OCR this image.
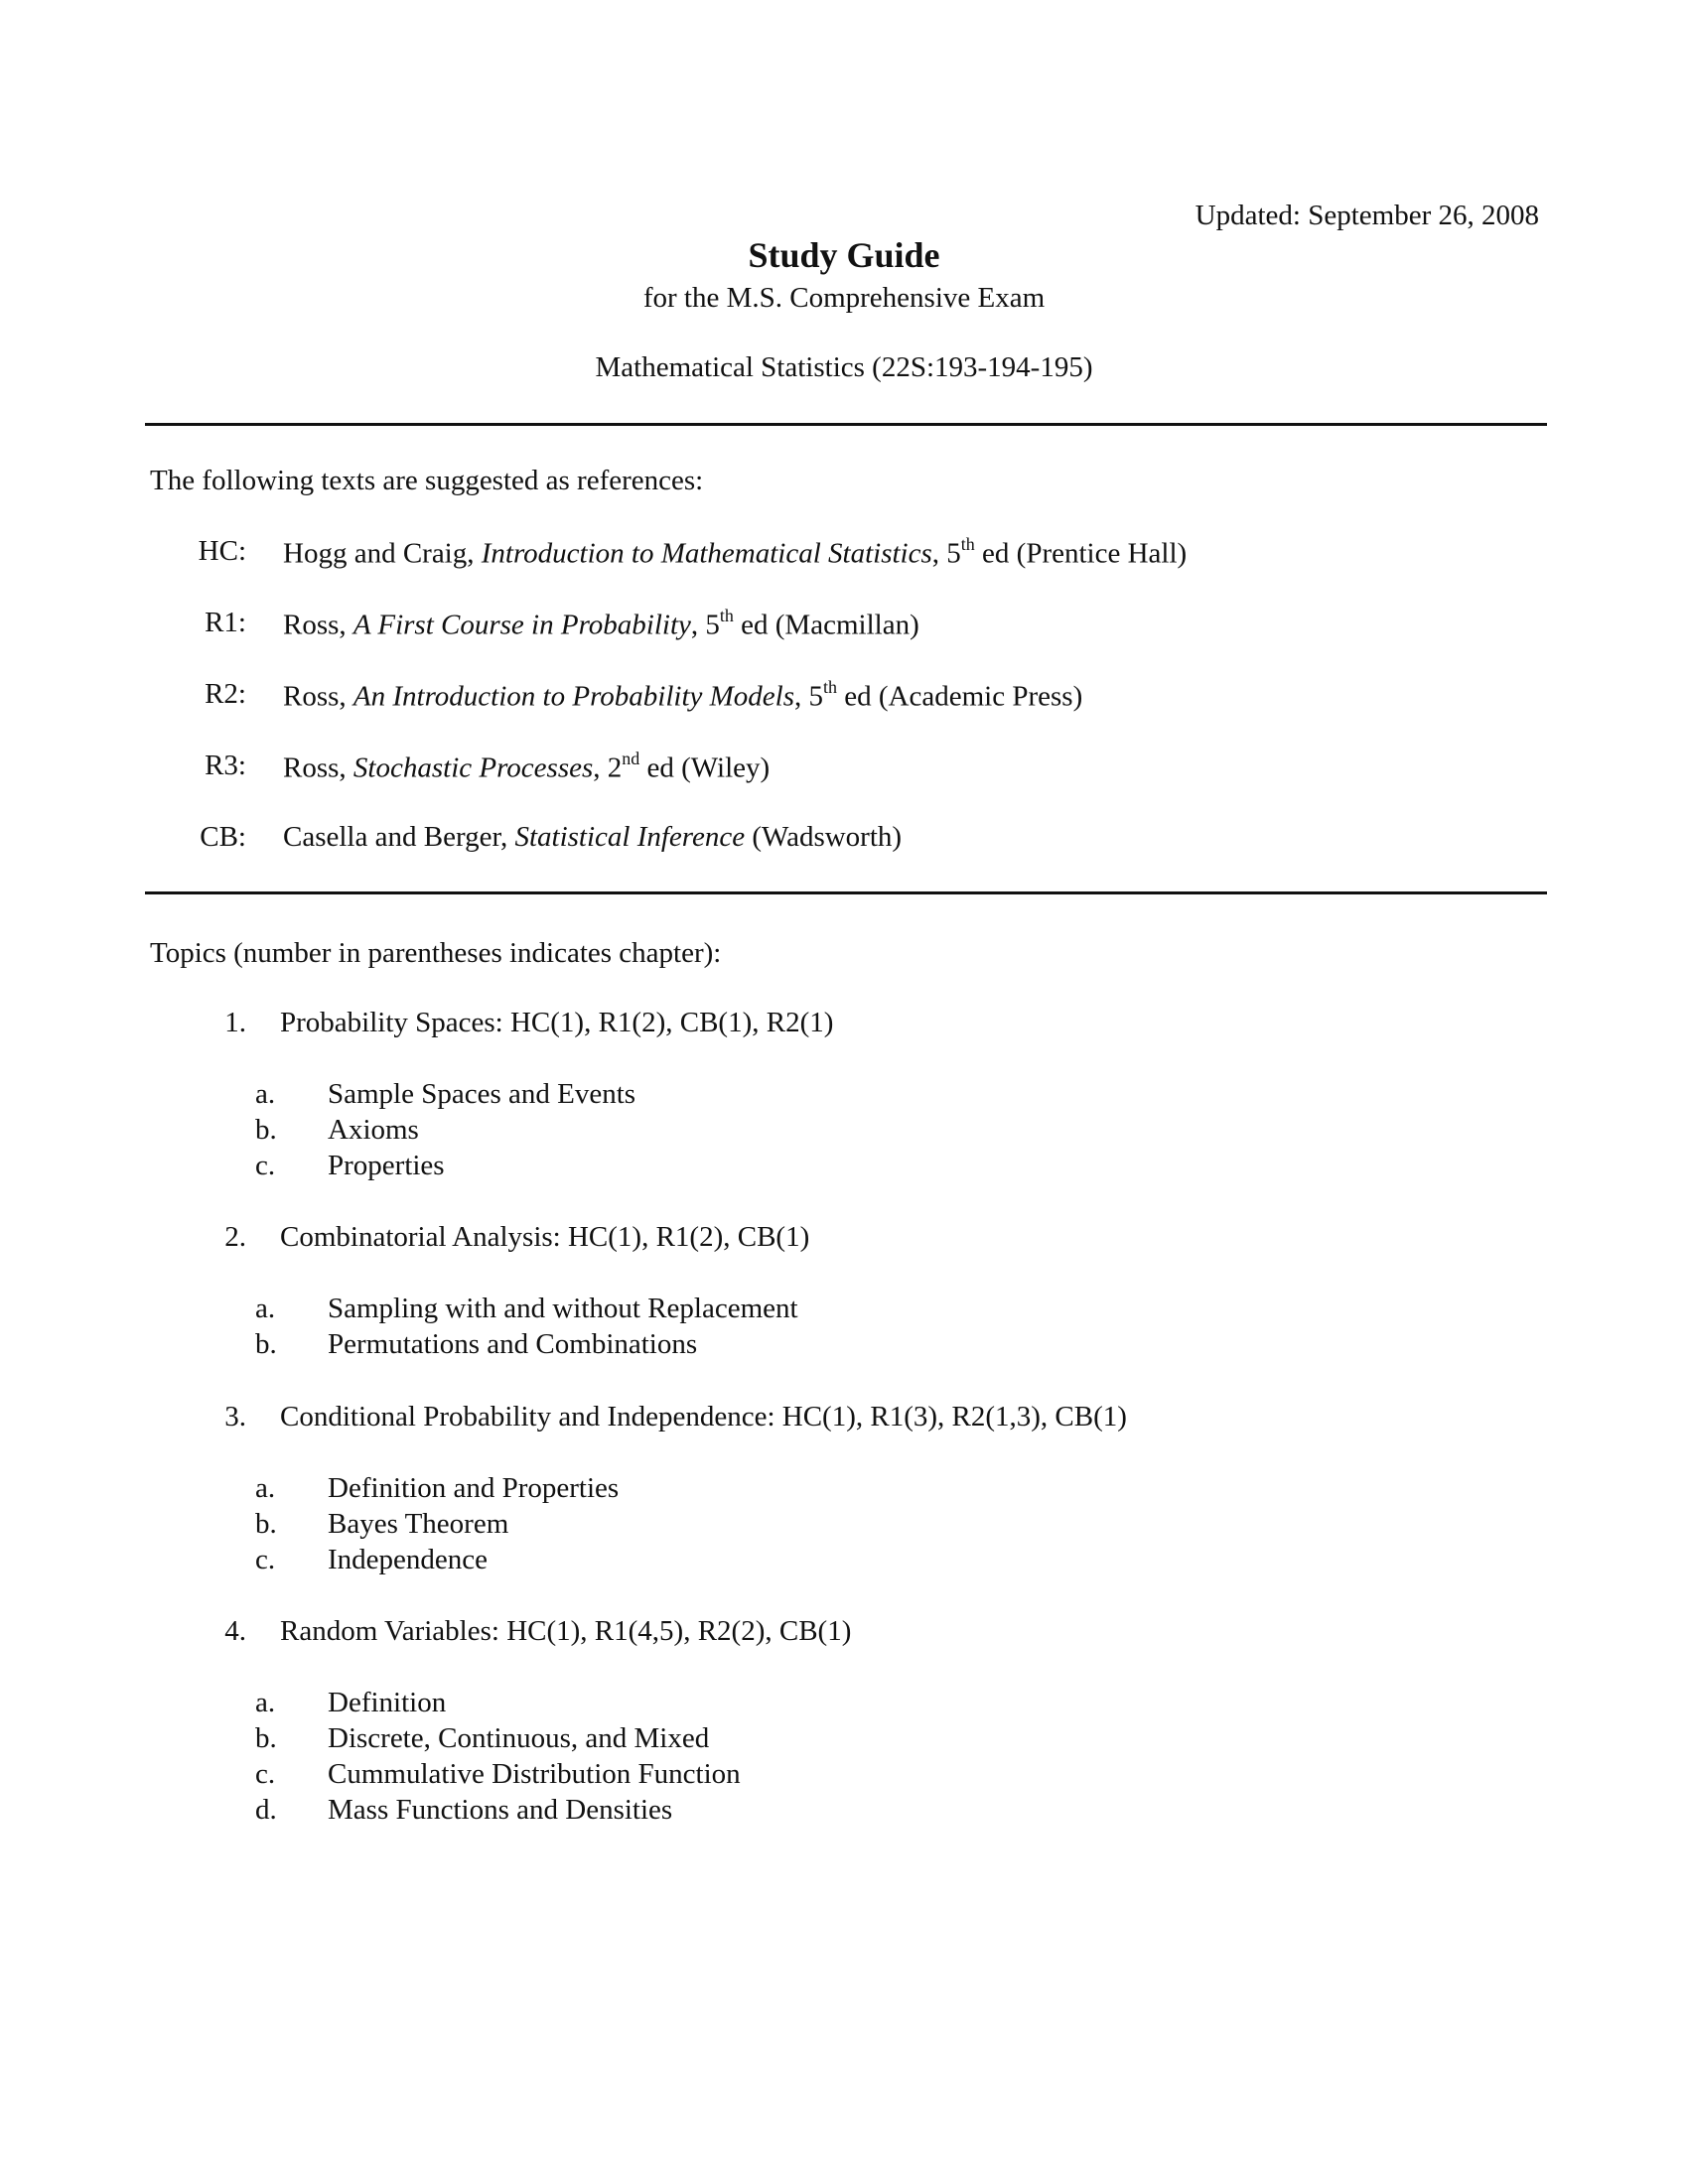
Updated: September 26, 2008
Study Guide
for the M.S. Comprehensive Exam
Mathematical Statistics (22S:193-194-195)
The following texts are suggested as references:
HC: Hogg and Craig, Introduction to Mathematical Statistics, 5th ed (Prentice Hall)
R1: Ross, A First Course in Probability, 5th ed (Macmillan)
R2: Ross, An Introduction to Probability Models, 5th ed (Academic Press)
R3: Ross, Stochastic Processes, 2nd ed (Wiley)
CB: Casella and Berger, Statistical Inference (Wadsworth)
Topics (number in parentheses indicates chapter):
1. Probability Spaces: HC(1), R1(2), CB(1), R2(1)
a.	Sample Spaces and Events
b.	Axioms
c.	Properties
2. Combinatorial Analysis: HC(1), R1(2), CB(1)
a.	Sampling with and without Replacement
b.	Permutations and Combinations
3. Conditional Probability and Independence: HC(1), R1(3), R2(1,3), CB(1)
a.	Definition and Properties
b.	Bayes Theorem
c.	Independence
4. Random Variables: HC(1), R1(4,5), R2(2), CB(1)
a.	Definition
b.	Discrete, Continuous, and Mixed
c.	Cummulative Distribution Function
d.	Mass Functions and Densities
